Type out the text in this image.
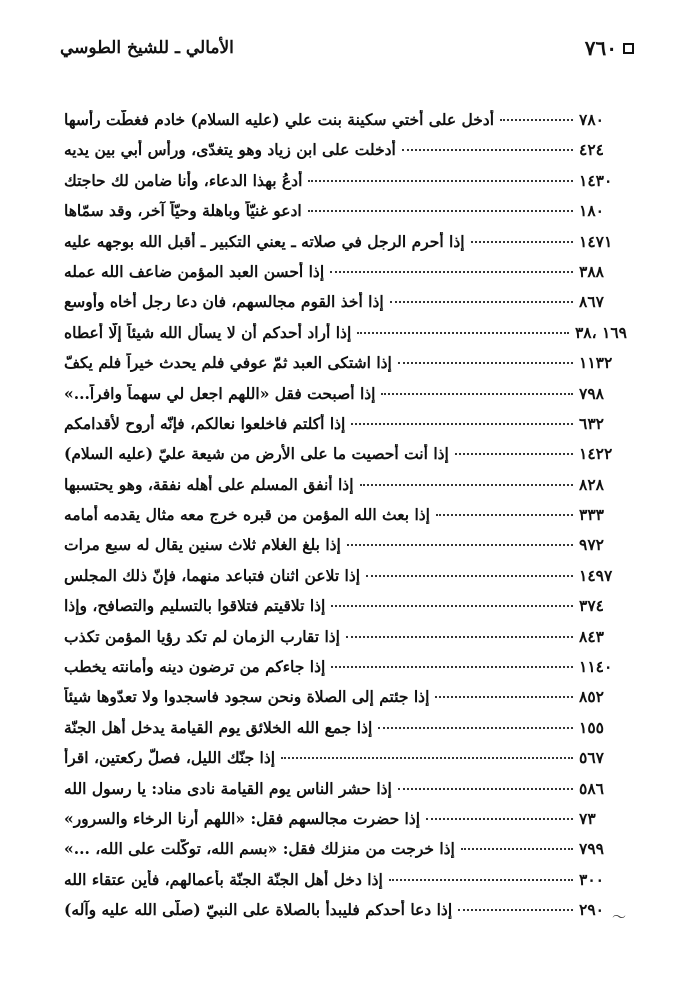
٧٦٠
الأمالي ـ للشيخ الطوسي
أُدخل على أُختي سكينة بنت علي (عليه السلام) خادم فغطّت رأسها	٧٨٠
أُدخلت على ابن زياد وهو يتغدّى، ورأس أبي بين يديه	٤٢٤
أُدعُ بهذا الدعاء، وأنا ضامن لك حاجتك	١٤٣٠
ادعو غنيّاً وباهلة وحيّاً آخر، وقد سمّاها	١٨٠
إذا أحرم الرجل في صلاته ـ يعني التكبير ـ أقبل الله بوجهه عليه	١٤٧١
إذا أحسن العبد المؤمن ضاعف الله عمله	٣٨٨
إذا أخذ القوم مجالسهم، فان دعا رجل أخاه وأوسع	٨٦٧
إذا أراد أحدكم أن لا يسأل الله شيئاً إلّا أعطاه	١٦٩ ،٣٨
إذا اشتكى العبد ثمّ عوفي فلم يحدث خيراً فلم يكفّ	١١٣٢
إذا أصبحت فقل «اللهم اجعل لي سهماً وافراً...»	٧٩٨
إذا أكلتم فاخلعوا نعالكم، فإنّه أروح لأقدامكم	٦٣٢
إذا أنت أحصيت ما على الأرض من شيعة عليّ (عليه السلام)	١٤٢٢
إذا أنفق المسلم على أهله نفقة، وهو يحتسبها	٨٢٨
إذا بعث الله المؤمن من قبره خرج معه مثال يقدمه أمامه	٣٣٣
إذا بلغ الغلام ثلاث سنين يقال له سبع مرات	٩٧٢
إذا تلاعن اثنان فتباعد منهما، فإنّ ذلك المجلس	١٤٩٧
إذا تلاقيتم فتلاقوا بالتسليم والتصافح، وإذا	٣٧٤
إذا تقارب الزمان لم تكد رؤيا المؤمن تكذب	٨٤٣
إذا جاءكم من ترضون دينه وأمانته يخطب	١١٤٠
إذا جئتم إلى الصلاة ونحن سجود فاسجدوا ولا تعدّوها شيئاً	٨٥٢
إذا جمع الله الخلائق يوم القيامة يدخل أهل الجنّة	١٥٥
إذا جنّك الليل، فصلّ ركعتين، اقرأ	٥٦٧
إذا حشر الناس يوم القيامة نادى مناد: يا رسول الله	٥٨٦
إذا حضرت مجالسهم فقل: «اللهم أرنا الرخاء والسرور»	٧٣
إذا خرجت من منزلك فقل: «بسم الله، توكّلت على الله، ...»	٧٩٩
إذا دخل أهل الجنّة الجنّة بأعمالهم، فأين عتقاء الله	٣٠٠
إذا دعا أحدكم فليبدأ بالصلاة على النبيّ (صلّى الله عليه وآله)	٢٩٠ 〜
